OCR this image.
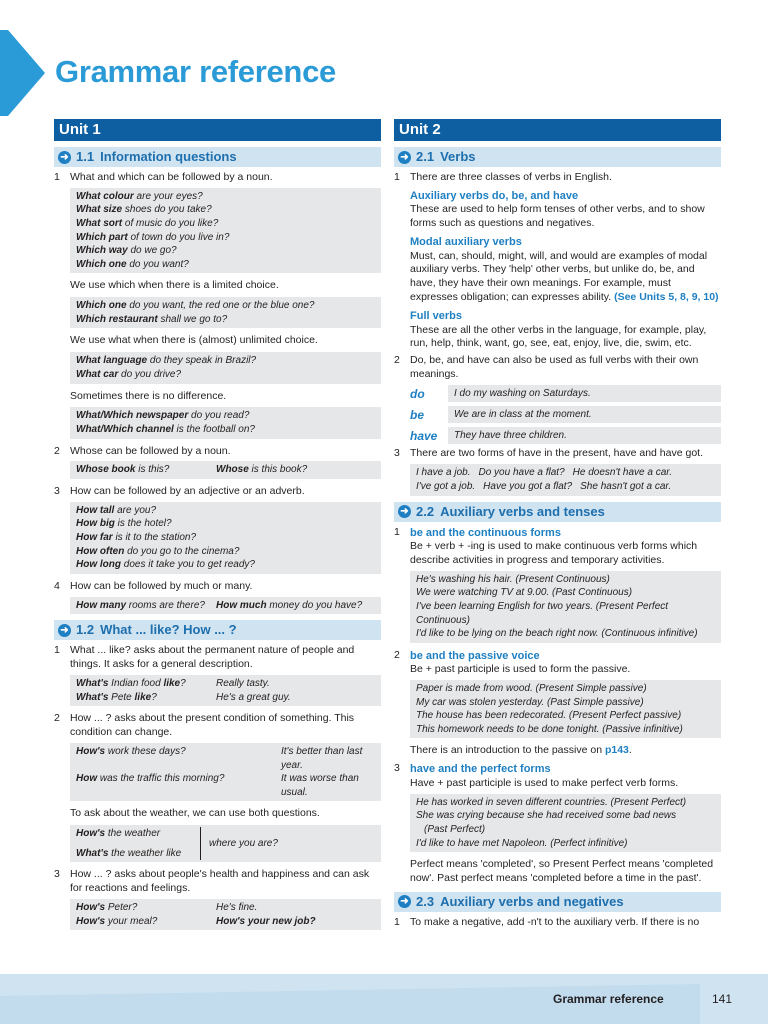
Grammar reference
Unit 1
➜ 1.1 Information questions
1 What and which can be followed by a noun.
What colour are your eyes?
What size shoes do you take?
What sort of music do you like?
Which part of town do you live in?
Which way do we go?
Which one do you want?
We use which when there is a limited choice.
Which one do you want, the red one or the blue one?
Which restaurant shall we go to?
We use what when there is (almost) unlimited choice.
What language do they speak in Brazil?
What car do you drive?
Sometimes there is no difference.
What/Which newspaper do you read?
What/Which channel is the football on?
2 Whose can be followed by a noun.
Whose book is this?	Whose is this book?
3 How can be followed by an adjective or an adverb.
How tall are you?
How big is the hotel?
How far is it to the station?
How often do you go to the cinema?
How long does it take you to get ready?
4 How can be followed by much or many.
How many rooms are there?	How much money do you have?
➜ 1.2 What ... like? How ... ?
1 What ... like? asks about the permanent nature of people and things. It asks for a general description.
What's Indian food like?	Really tasty.
What's Pete like?	He's a great guy.
2 How ... ? asks about the present condition of something. This condition can change.
How's work these days?	It's better than last year.
How was the traffic this morning?	It was worse than usual.
To ask about the weather, we can use both questions.
How's the weather
What's the weather like
where you are?
3 How ... ? asks about people's health and happiness and can ask for reactions and feelings.
How's Peter?	He's fine.
How's your meal?	How's your new job?
Unit 2
➜ 2.1 Verbs
1 There are three classes of verbs in English.
Auxiliary verbs do, be, and have
These are used to help form tenses of other verbs, and to show forms such as questions and negatives.
Modal auxiliary verbs
Must, can, should, might, will, and would are examples of modal auxiliary verbs. They 'help' other verbs, but unlike do, be, and have, they have their own meanings. For example, must expresses obligation; can expresses ability. (See Units 5, 8, 9, 10)
Full verbs
These are all the other verbs in the language, for example, play, run, help, think, want, go, see, eat, enjoy, live, die, swim, etc.
2 Do, be, and have can also be used as full verbs with their own meanings.
do	I do my washing on Saturdays.
be	We are in class at the moment.
have	They have three children.
3 There are two forms of have in the present, have and have got.
I have a job. Do you have a flat? He doesn't have a car.
I've got a job. Have you got a flat? She hasn't got a car.
➜ 2.2 Auxiliary verbs and tenses
1 be and the continuous forms
Be + verb + -ing is used to make continuous verb forms which describe activities in progress and temporary activities.
He's washing his hair. (Present Continuous)
We were watching TV at 9.00. (Past Continuous)
I've been learning English for two years. (Present Perfect Continuous)
I'd like to be lying on the beach right now. (Continuous infinitive)
2 be and the passive voice
Be + past participle is used to form the passive.
Paper is made from wood. (Present Simple passive)
My car was stolen yesterday. (Past Simple passive)
The house has been redecorated. (Present Perfect passive)
This homework needs to be done tonight. (Passive infinitive)
There is an introduction to the passive on p143.
3 have and the perfect forms
Have + past participle is used to make perfect verb forms.
He has worked in seven different countries. (Present Perfect)
She was crying because she had received some bad news
(Past Perfect)
I'd like to have met Napoleon. (Perfect infinitive)
Perfect means 'completed', so Present Perfect means 'completed now'. Past perfect means 'completed before a time in the past'.
➜ 2.3 Auxiliary verbs and negatives
1 To make a negative, add -n't to the auxiliary verb. If there is no
Grammar reference	141
